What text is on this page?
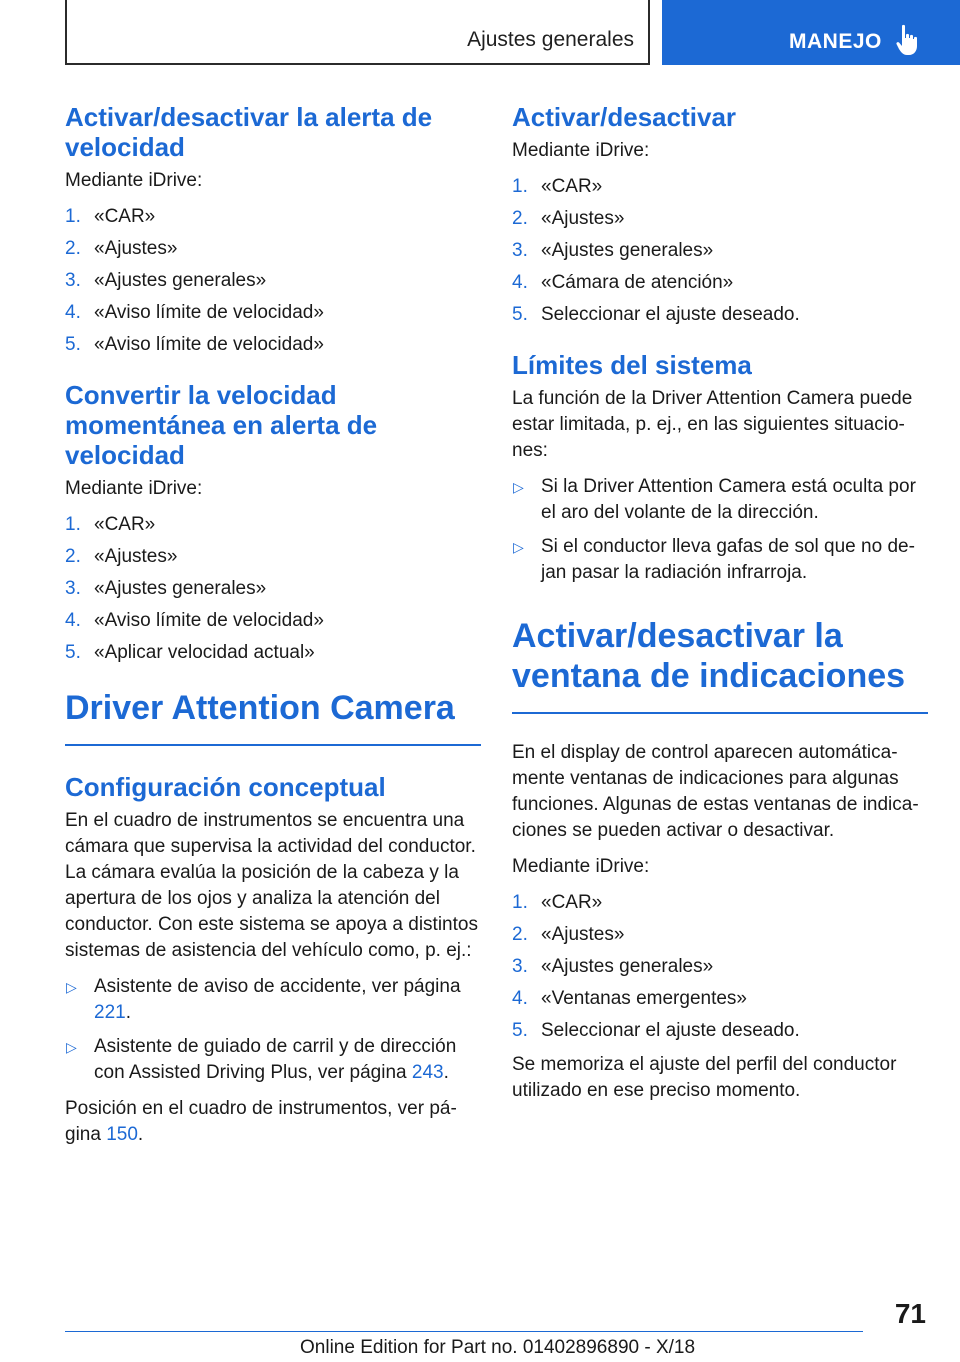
Ajustes generales	MANEJO
Activar/desactivar la alerta de velocidad

Mediante iDrive:

1. «CAR»
2. «Ajustes»
3. «Ajustes generales»
4. «Aviso límite de velocidad»
5. «Aviso límite de velocidad»
Convertir la velocidad momentánea en alerta de velocidad

Mediante iDrive:

1. «CAR»
2. «Ajustes»
3. «Ajustes generales»
4. «Aviso límite de velocidad»
5. «Aplicar velocidad actual»
Driver Attention Camera
Configuración conceptual

En el cuadro de instrumentos se encuentra una cámara que supervisa la actividad del conductor. La cámara evalúa la posición de la cabeza y la apertura de los ojos y analiza la atención del conductor. Con este sistema se apoya a distintos sistemas de asistencia del vehículo como, p. ej.:

▷ Asistente de aviso de accidente, ver página 221.
▷ Asistente de guiado de carril y de dirección con Assisted Driving Plus, ver página 243.

Posición en el cuadro de instrumentos, ver página 150.

Activar/desactivar

Mediante iDrive:

1. «CAR»
2. «Ajustes»
3. «Ajustes generales»
4. «Cámara de atención»
5. Seleccionar el ajuste deseado.
Límites del sistema

La función de la Driver Attention Camera puede estar limitada, p. ej., en las siguientes situaciones:

▷ Si la Driver Attention Camera está oculta por el aro del volante de la dirección.
▷ Si el conductor lleva gafas de sol que no dejan pasar la radiación infrarroja.
Activar/desactivar la ventana de indicaciones

En el display de control aparecen automáticamente ventanas de indicaciones para algunas funciones. Algunas de estas ventanas de indicaciones se pueden activar o desactivar.

Mediante iDrive:

1. «CAR»
2. «Ajustes»
3. «Ajustes generales»
4. «Ventanas emergentes»
5. Seleccionar el ajuste deseado.

Se memoriza el ajuste del perfil del conductor utilizado en ese preciso momento.

71
Online Edition for Part no. 01402896890 - X/18
